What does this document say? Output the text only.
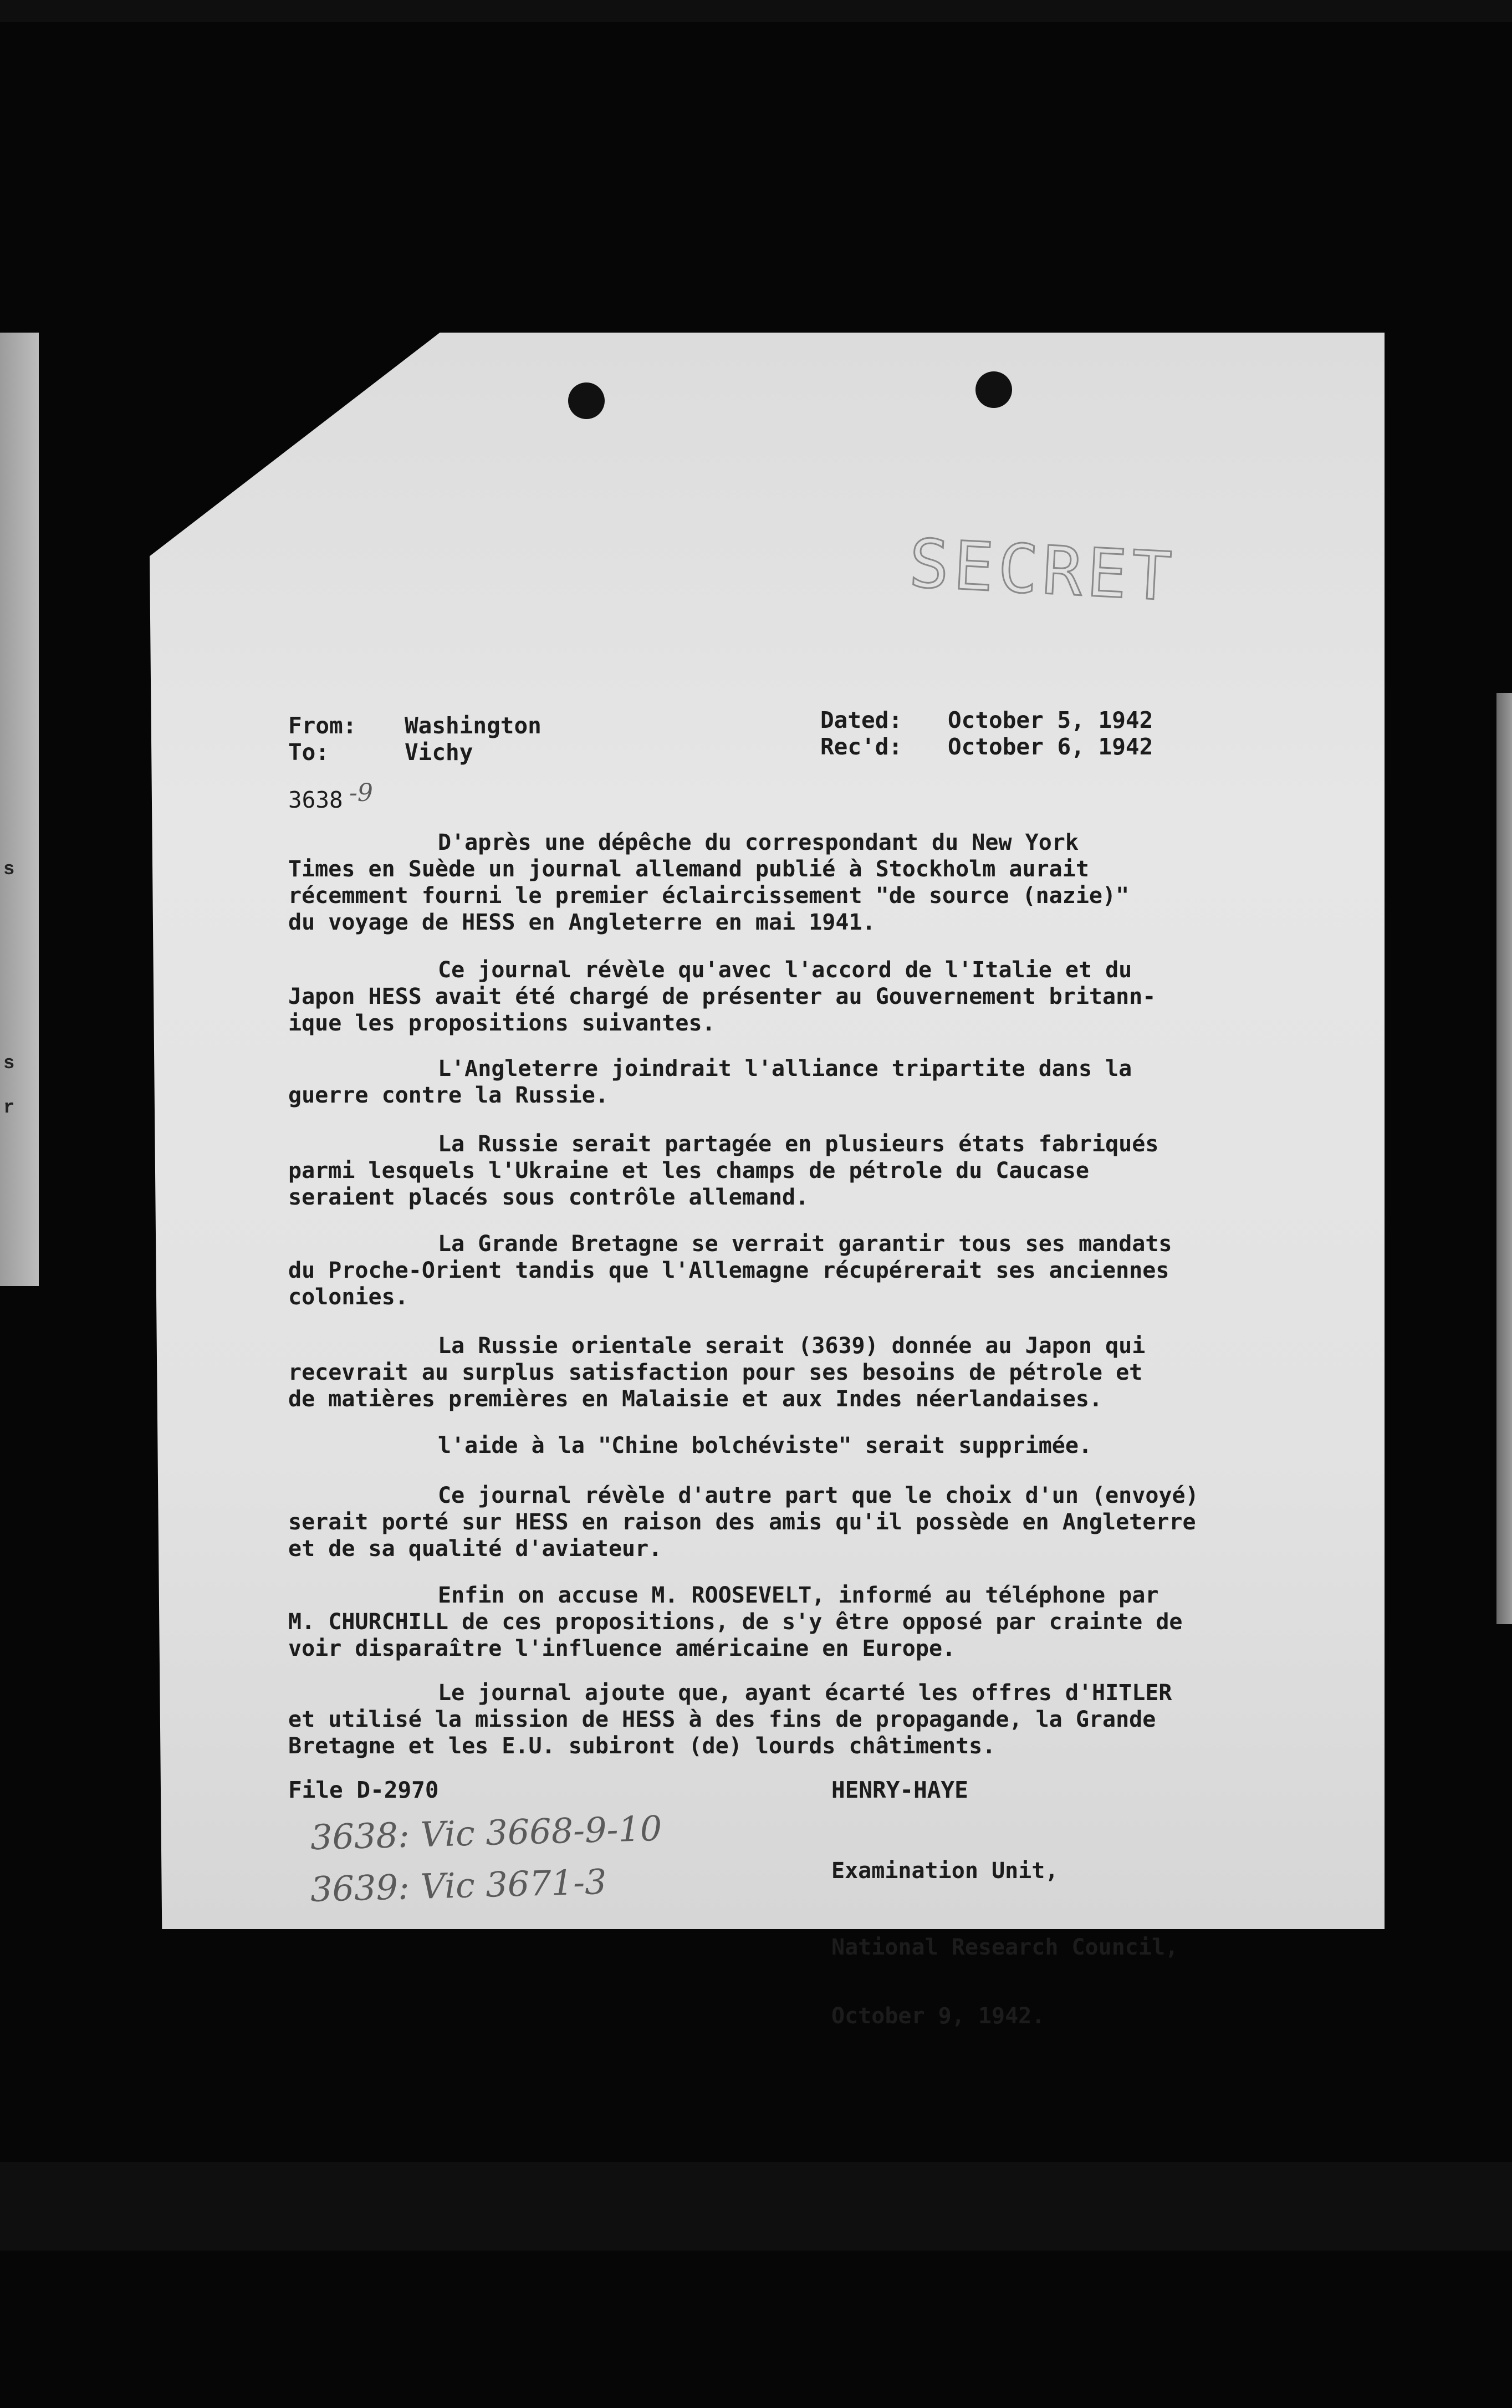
s
s
r
SECRET
From: Washington
To:	Vichy
Dated: October 5, 1942
Rec'd: October 6, 1942
3638 -9
D'après une dépêche du correspondant du New York
Times en Suède un journal allemand publié à Stockholm aurait
récemment fourni le premier éclaircissement "de source (nazie)"
du voyage de HESS en Angleterre en mai 1941.
Ce journal révèle qu'avec l'accord de l'Italie et du
Japon HESS avait été chargé de présenter au Gouvernement britann-
ique les propositions suivantes.
L'Angleterre joindrait l'alliance tripartite dans la
guerre contre la Russie.
La Russie serait partagée en plusieurs états fabriqués
parmi lesquels l'Ukraine et les champs de pétrole du Caucase
seraient placés sous contrôle allemand.
La Grande Bretagne se verrait garantir tous ses mandats
du Proche-Orient tandis que l'Allemagne récupérerait ses anciennes
colonies.
La Russie orientale serait (3639) donnée au Japon qui
recevrait au surplus satisfaction pour ses besoins de pétrole et
de matières premières en Malaisie et aux Indes néerlandaises.
l'aide à la "Chine bolchéviste" serait supprimée.
Ce journal révèle d'autre part que le choix d'un (envoyé)
serait porté sur HESS en raison des amis qu'il possède en Angleterre
et de sa qualité d'aviateur.
Enfin on accuse M. ROOSEVELT, informé au téléphone par
M. CHURCHILL de ces propositions, de s'y être opposé par crainte de
voir disparaître l'influence américaine en Europe.
Le journal ajoute que, ayant écarté les offres d'HITLER
et utilisé la mission de HESS à des fins de propagande, la Grande
Bretagne et les E.U. subiront (de) lourds châtiments.
File D-2970	HENRY-HAYE

Examination Unit,

National Research Council,

October 9, 1942.

3638: Vic 3668-9-10
3639: Vic 3671-3
